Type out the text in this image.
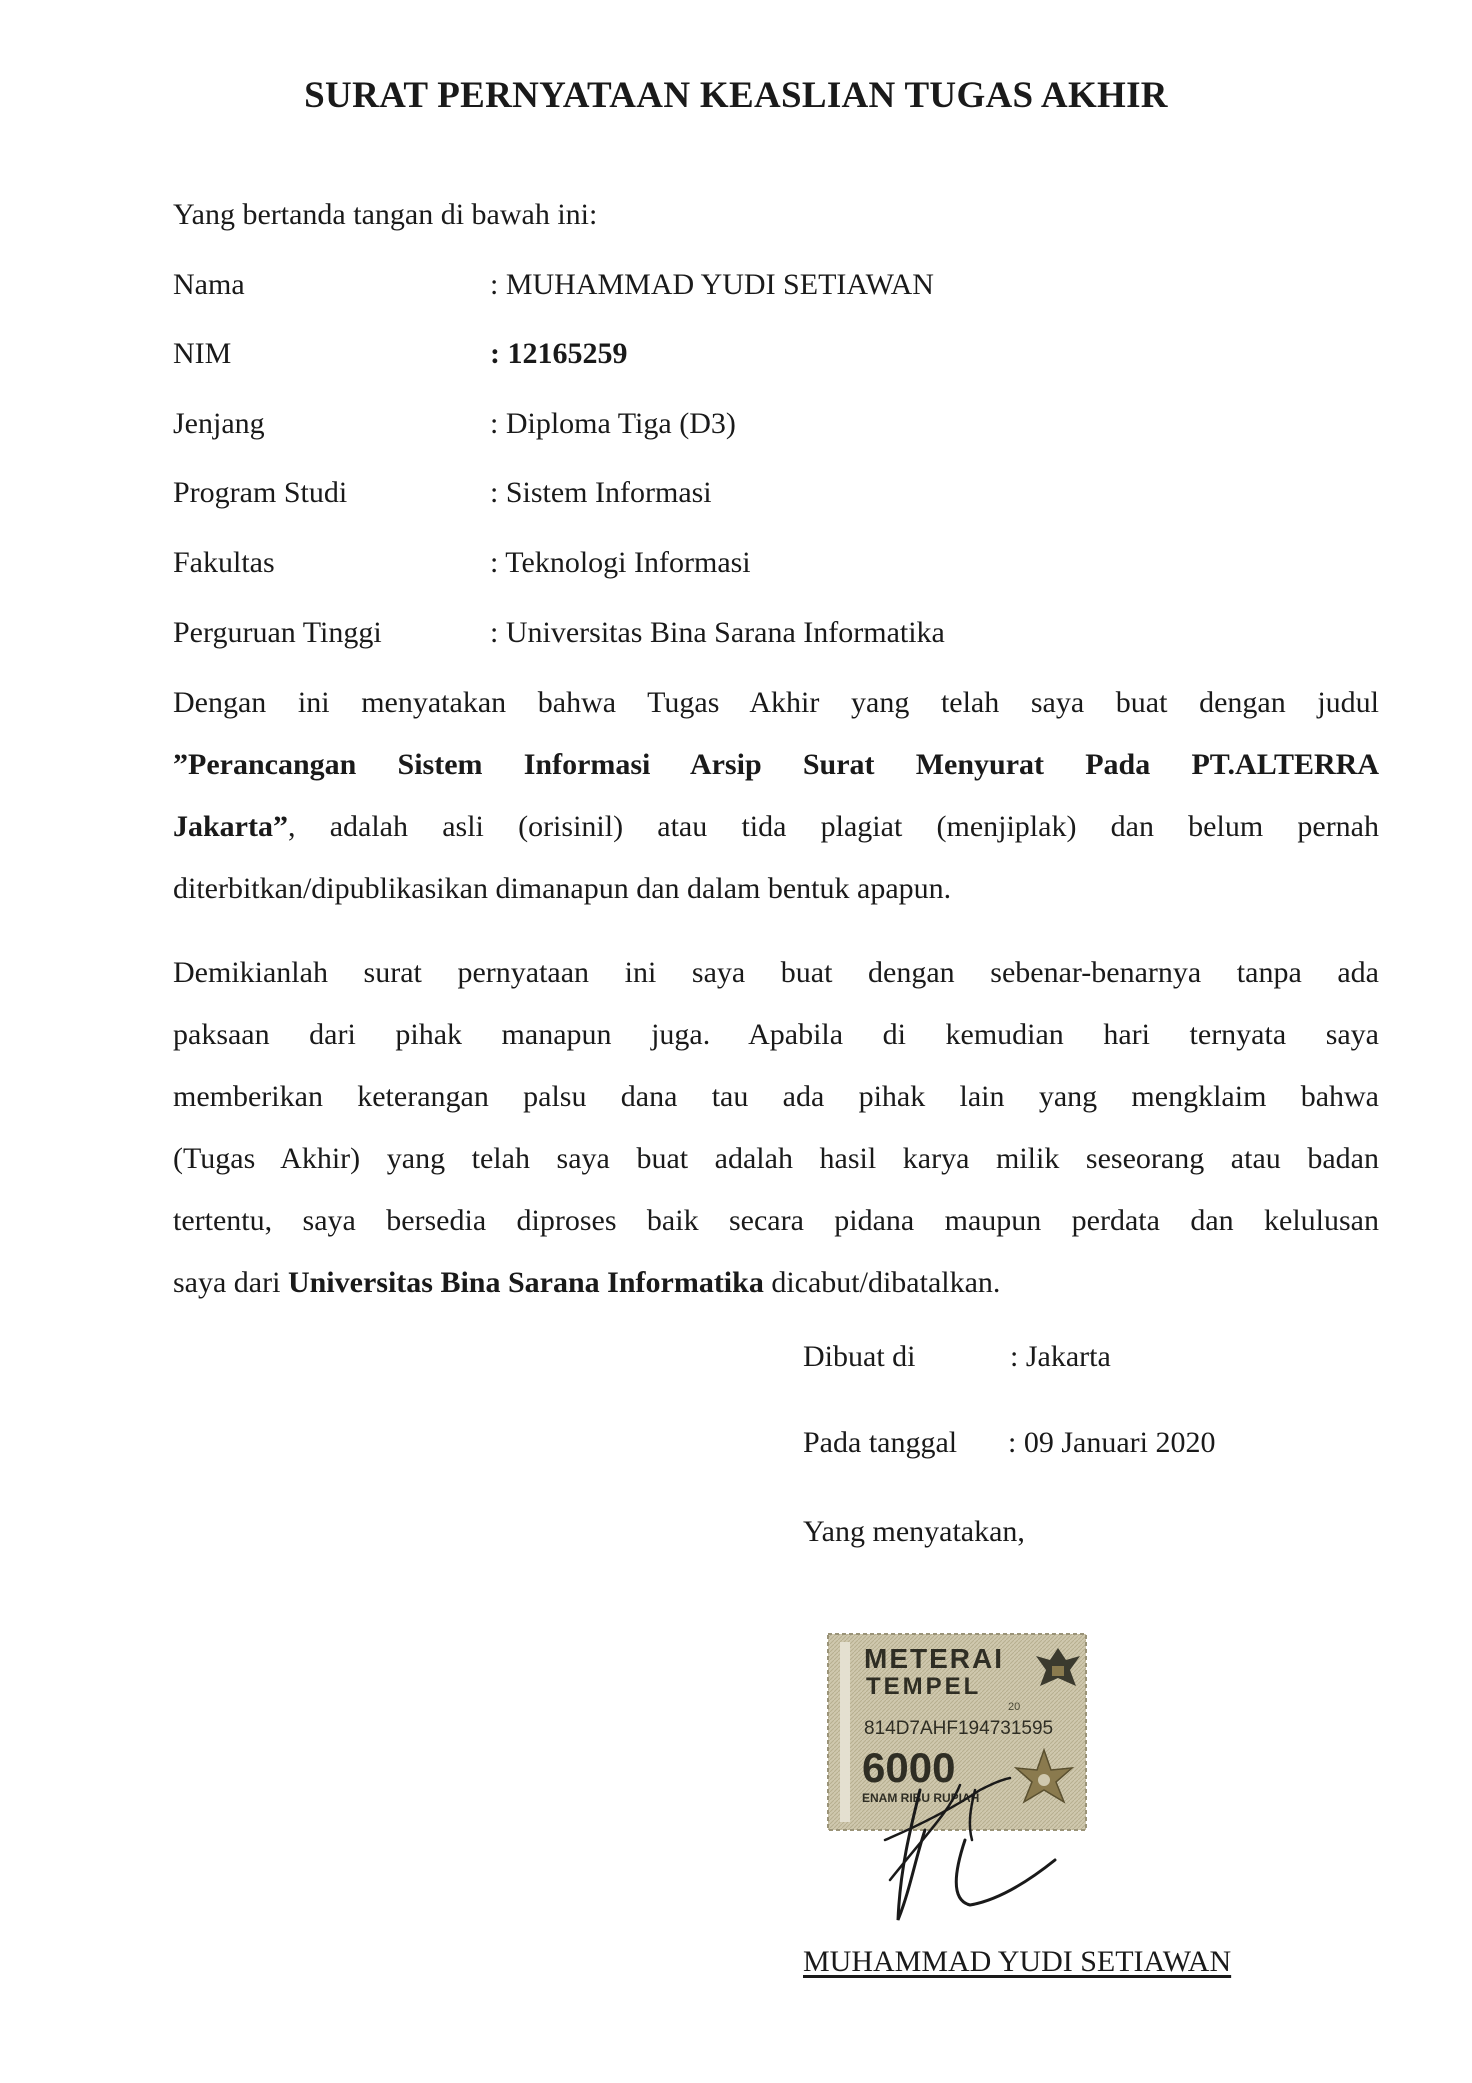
SURAT PERNYATAAN KEASLIAN TUGAS AKHIR
Yang bertanda tangan di bawah ini:
Nama	: MUHAMMAD YUDI SETIAWAN
NIM	: 12165259
Jenjang	: Diploma Tiga (D3)
Program Studi	: Sistem Informasi
Fakultas	: Teknologi Informasi
Perguruan Tinggi	: Universitas Bina Sarana Informatika
Dengan ini menyatakan bahwa Tugas Akhir yang telah saya buat dengan judul
”Perancangan Sistem Informasi Arsip Surat Menyurat Pada PT.ALTERRA
Jakarta”, adalah asli (orisinil) atau tida plagiat (menjiplak) dan belum pernah
diterbitkan/dipublikasikan dimanapun dan dalam bentuk apapun.
Demikianlah surat pernyataan ini saya buat dengan sebenar-benarnya tanpa ada
paksaan dari pihak manapun juga. Apabila di kemudian hari ternyata saya
memberikan keterangan palsu dana tau ada pihak lain yang mengklaim bahwa
(Tugas Akhir) yang telah saya buat adalah hasil karya milik seseorang atau badan
tertentu, saya bersedia diproses baik secara pidana maupun perdata dan kelulusan
saya dari Universitas Bina Sarana Informatika dicabut/dibatalkan.
Dibuat di	: Jakarta
Pada tanggal : 09 Januari 2020
Yang menyatakan,
METERAI
TEMPEL
20
814D7AHF194731595
6000
ENAM RIBU RUPIAH
MUHAMMAD YUDI SETIAWAN
